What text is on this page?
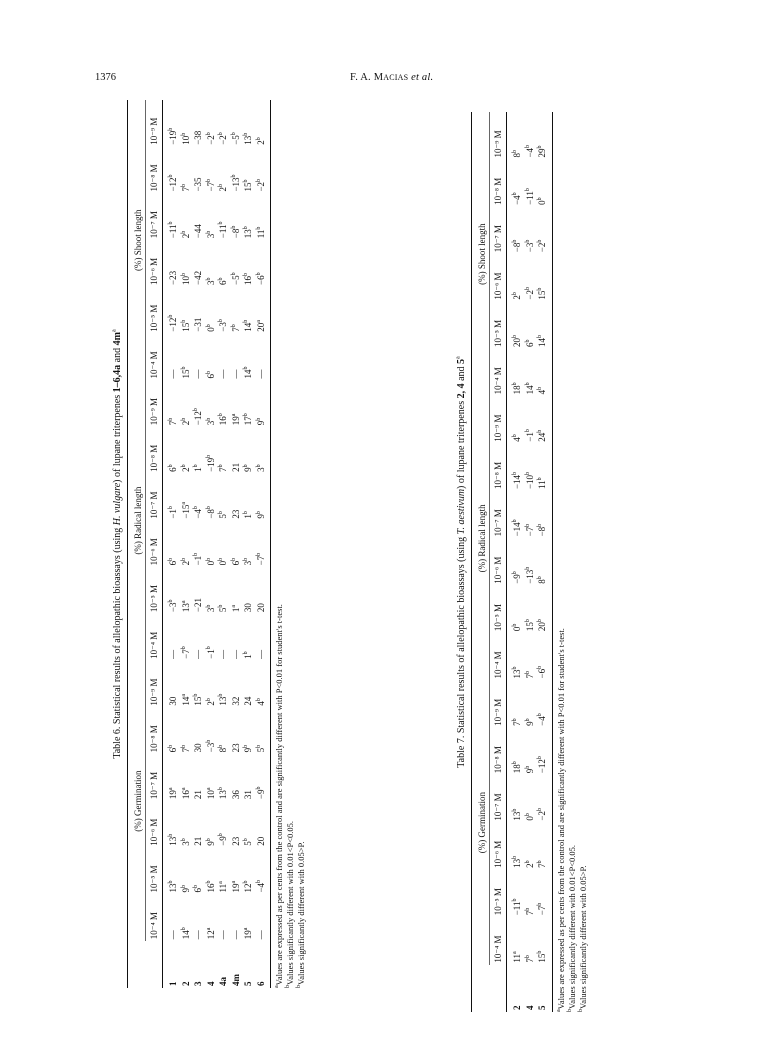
1376	F. A. MACIAS et al.
Table 6. Statistical results of allelopathic bioassays (using H. vulgare) of lupane triterpenes 1–6,4a and $4m^a$
	(%) Germination						(%) Radical length						(%) Shoot length					
	10⁻⁴ M	10⁻⁵ M	10⁻⁶ M	10⁻⁷ M	10⁻⁸ M	10⁻⁹ M	10⁻⁴ M	10⁻⁵ M	10⁻⁶ M	10⁻⁷ M	10⁻⁸ M	10⁻⁹ M	10⁻⁴ M	10⁻⁵ M	10⁻⁶ M	10⁻⁷ M	10⁻⁸ M	10⁻⁹ M
1	—	13$^b$	13$^b$	19$^a$	6$^b$	30	—	$-3^b$	$6^b$	$-1^b$	6$^b$	7$^b$	—	$-12^b$	−23	$-11^b$	$-12^b$	$-19^b$
2	14$^b$	9$^b$	3$^b$	16$^a$	7$^b$	$14^a$	$-7^b$	13$^a$	$2^b$	$-15^a$	2$^b$	2$^b$	15$^b$	15$^b$	10$^b$	2$^b$	7$^b$	10$^b$
3	—	6$^b$	21	21	30	15$^b$	—	−21	$-1^b$	$-4^b$	$1^b$	$-12^b$	—	−31	−42	−44	−35	−38
4	12$^a$	16$^b$	9$^b$	$10^a$	$-3^b$	$2^b$	$-1^b$	3$^b$	$0^b$	$-8^b$	$-19^b$	3$^b$	6$^b$	0$^b$	3$^b$	$3^b$	$-7^b$	$-2^b$
4a	—	$11^a$	$-9^b$	13$^b$	8$^b$	13$^b$	—	5$^b$	0$^b$	5$^b$	7$^b$	16$^b$	—	$-3^b$	$6^b$	$-11^b$	$2^b$	$-2^b$
4m	—	19$^a$	23	36	23	32	—	1$^a$	6$^b$	23	21	19$^a$	—	$7^b$	$-5^b$	$-8^b$	$-13^b$	$-5^b$
5	19$^a$	12$^b$	5$^b$	31	9$^b$	24	1$^b$	30	3$^b$	1$^b$	9$^b$	17$^b$	14$^b$	14$^b$	16$^b$	13$^b$	15$^b$	13$^b$
6	—	$-4^b$	20	$-9^b$	5$^b$	4$^b$	—	20	$-7^b$	9$^b$	3$^b$	9$^b$	—	$20^a$	$-6^b$	$11^b$	$-2^b$	2$^b$
$^a$Values are expressed as per cents from the control and are significantly different with P<0.01 for student's t-test.
$^b$Values significantly different with 0.01<P<0.05.
$^b$Values significantly different with 0.05>P.
Table 7. Statistical results of allelopathic bioassays (using T. aestivum) of lupane triterpenes 2, 4 and 5$^a$
	(%) Germination						(%) Radical length						(%) Shoot length					
	10⁻⁴ M	10⁻⁵ M	10⁻⁶ M	10⁻⁷ M	10⁻⁸ M	10⁻⁹ M	10⁻⁴ M	10⁻⁵ M	10⁻⁶ M	10⁻⁷ M	10⁻⁸ M	10⁻⁹ M	10⁻⁴ M	10⁻⁵ M	10⁻⁶ M	10⁻⁷ M	10⁻⁸ M	10⁻⁹ M
2	$11^a$	$-11^b$	13$^b$	13$^b$	18$^b$	7$^b$	13$^b$	$0^b$	$-9^b$	$-14^b$	$-14^b$	4$^b$	18$^b$	20$^b$	$2^b$	$-8^b$	$-4^b$	8$^b$
4	7$^b$	7$^b$	2$^b$	0$^b$	9$^b$	9$^b$	7$^b$	$15^b$	$-13^b$	$-7^b$	$-10^b$	$-1^b$	14$^b$	$6^b$	$-2^b$	$-3^b$	$-11^b$	$-4^b$
5	$15^b$	$-7^b$	$7^b$	$-2^b$	$-12^b$	$-4^b$	$-6^b$	20$^b$	$8^b$	$-8^b$	11$^b$	24$^b$	4$^b$	14$^b$	$15^b$	$-2^b$	0$^b$	29$^b$
$^a$Values are expressed as per cents from the control and are significantly different with P<0.01 for student's t-test.
$^b$Values significantly different with 0.01<P<0.05.
$^b$Values significantly different with 0.05>P.
